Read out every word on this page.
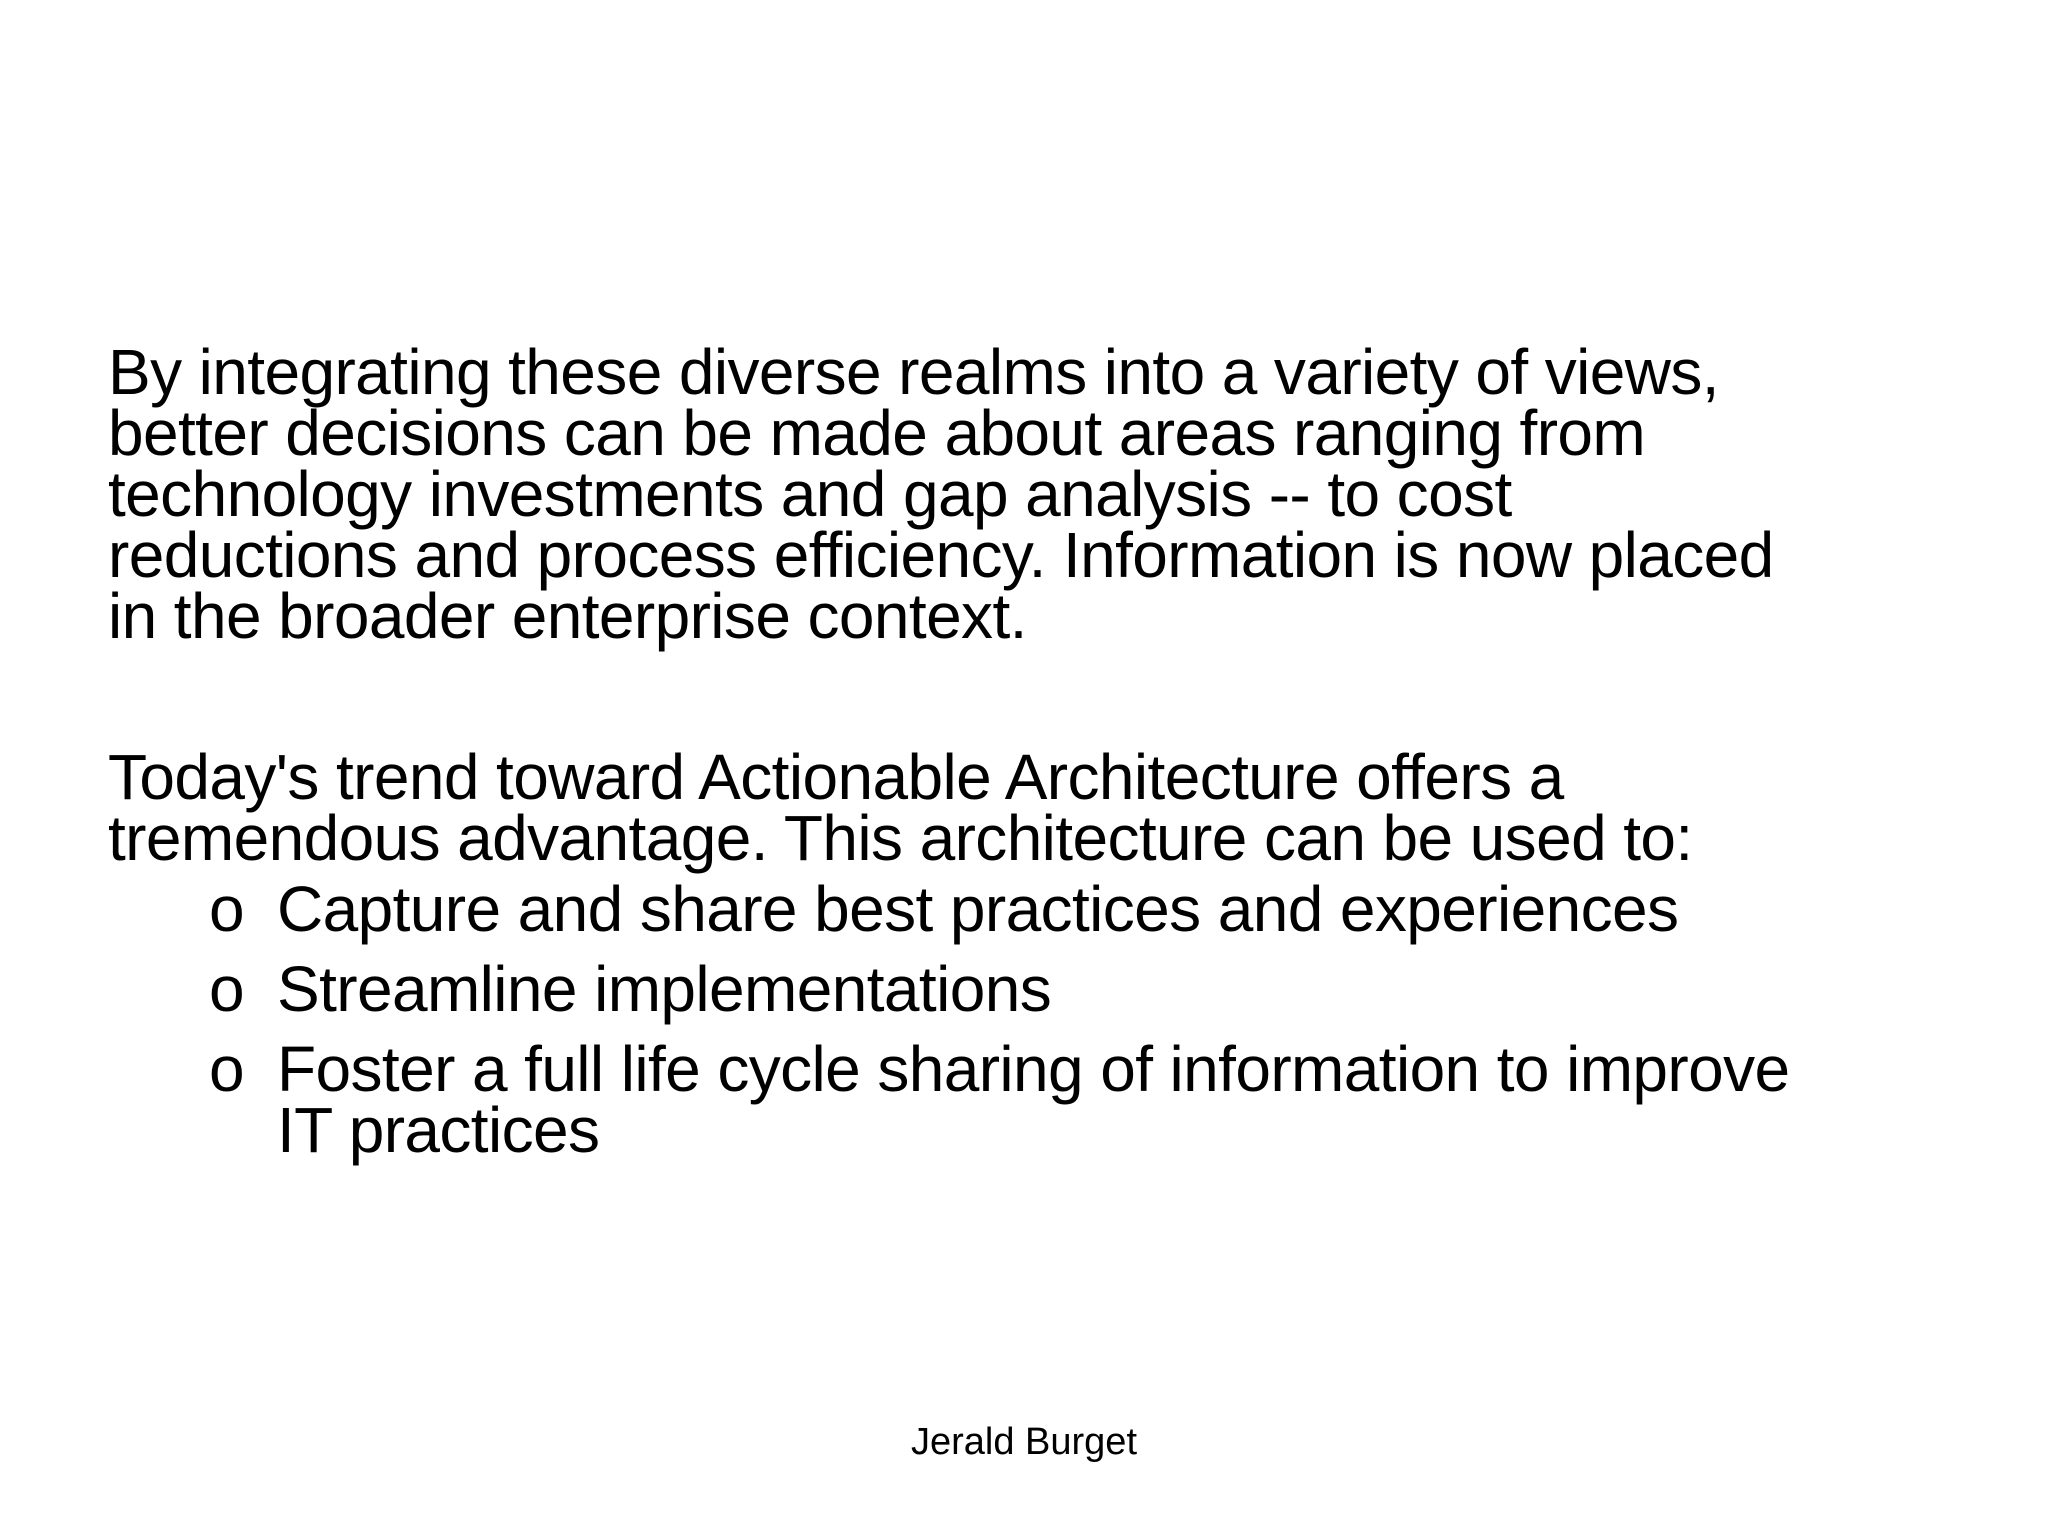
By integrating these diverse realms into a variety of views,
better decisions can be made about areas ranging from
technology investments and gap analysis -- to cost
reductions and process efficiency. Information is now placed
in the broader enterprise context.

Today's trend toward Actionable Architecture offers a
tremendous advantage. This architecture can be used to:

o Capture and share best practices and experiences
o Streamline implementations
o Foster a full life cycle sharing of information to improve
IT practices
Jerald Burget
